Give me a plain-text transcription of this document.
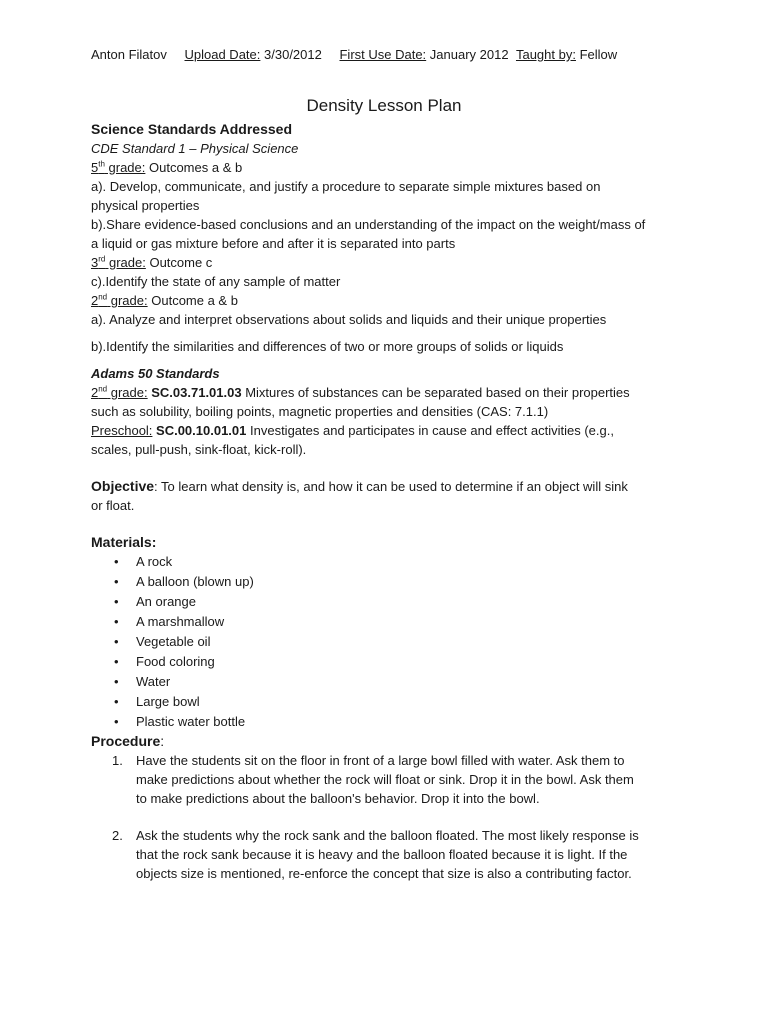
Anton Filatov Upload Date: 3/30/2012 First Use Date: January 2012 Taught by: Fellow
Density Lesson Plan
Science Standards Addressed
CDE Standard 1 – Physical Science
5th grade: Outcomes a & b
a). Develop, communicate, and justify a procedure to separate simple mixtures based on
physical properties
b).Share evidence-based conclusions and an understanding of the impact on the weight/mass of
a liquid or gas mixture before and after it is separated into parts
3rd grade: Outcome c
c).Identify the state of any sample of matter
2nd grade: Outcome a & b
a). Analyze and interpret observations about solids and liquids and their unique properties
b).Identify the similarities and differences of two or more groups of solids or liquids
Adams 50 Standards
2nd grade: SC.03.71.01.03 Mixtures of substances can be separated based on their properties
such as solubility, boiling points, magnetic properties and densities (CAS: 7.1.1)
Preschool: SC.00.10.01.01 Investigates and participates in cause and effect activities (e.g.,
scales, pull-push, sink-float, kick-roll).
Objective: To learn what density is, and how it can be used to determine if an object will sink
or float.
Materials:
• A rock
• A balloon (blown up)
• An orange
• A marshmallow
• Vegetable oil
• Food coloring
• Water
• Large bowl
• Plastic water bottle
Procedure:
1. Have the students sit on the floor in front of a large bowl filled with water. Ask them to
make predictions about whether the rock will float or sink. Drop it in the bowl. Ask them
to make predictions about the balloon's behavior. Drop it into the bowl.
2. Ask the students why the rock sank and the balloon floated. The most likely response is
that the rock sank because it is heavy and the balloon floated because it is light. If the
objects size is mentioned, re-enforce the concept that size is also a contributing factor.
